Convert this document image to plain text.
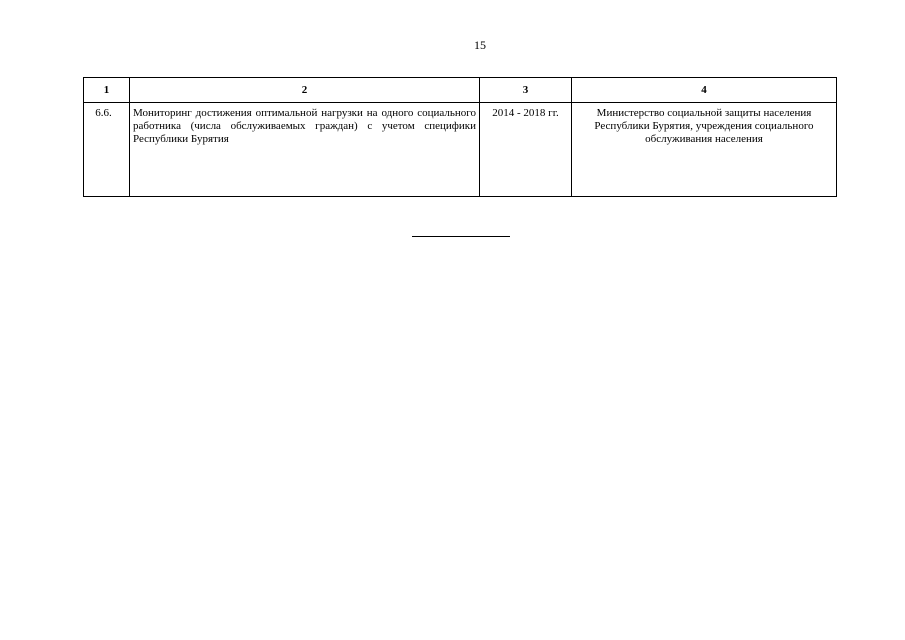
15
1	2	3	4
6.6.	Мониторинг достижения оптимальной нагрузки на одного социального работника (числа обслуживаемых граждан) с учетом специфики Республики Бурятия	2014 - 2018 гг.	Министерство социальной защиты населения Республики Бурятия, учреждения социального обслуживания населения
